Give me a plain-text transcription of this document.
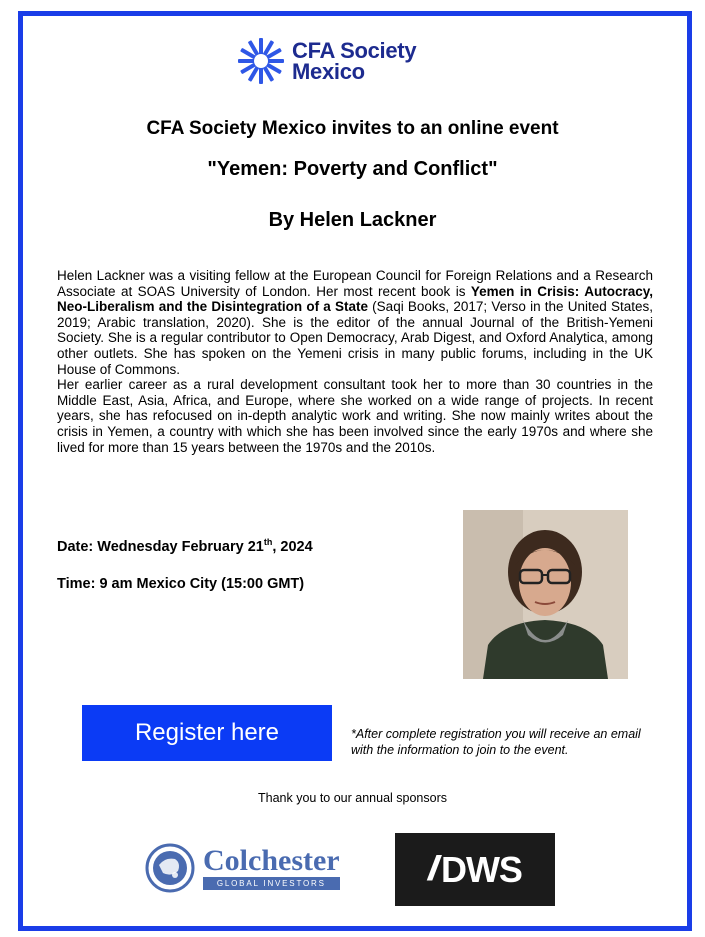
CFA Society
Mexico
CFA Society Mexico invites to an online event
"Yemen: Poverty and Conflict"
By Helen Lackner

Helen Lackner was a visiting fellow at the European Council for Foreign Relations and a Research Associate at SOAS University of London. Her most recent book is Yemen in Crisis: Autocracy, Neo-Liberalism and the Disintegration of a State (Saqi Books, 2017; Verso in the United States, 2019; Arabic translation, 2020). She is the editor of the annual Journal of the British-Yemeni Society. She is a regular contributor to Open Democracy, Arab Digest, and Oxford Analytica, among other outlets. She has spoken on the Yemeni crisis in many public forums, including in the UK House of Commons.

Her earlier career as a rural development consultant took her to more than 30 countries in the Middle East, Asia, Africa, and Europe, where she worked on a wide range of projects. In recent years, she has refocused on in-depth analytic work and writing. She now mainly writes about the crisis in Yemen, a country with which she has been involved since the early 1970s and where she lived for more than 15 years between the 1970s and the 2010s.

Date: Wednesday February 21th, 2024
Time: 9 am Mexico City (15:00 GMT)
Register here	*After complete registration you will receive an email with the information to join to the event.
Thank you to our annual sponsors
Colchester
GLOBAL INVESTORS	// DWS
